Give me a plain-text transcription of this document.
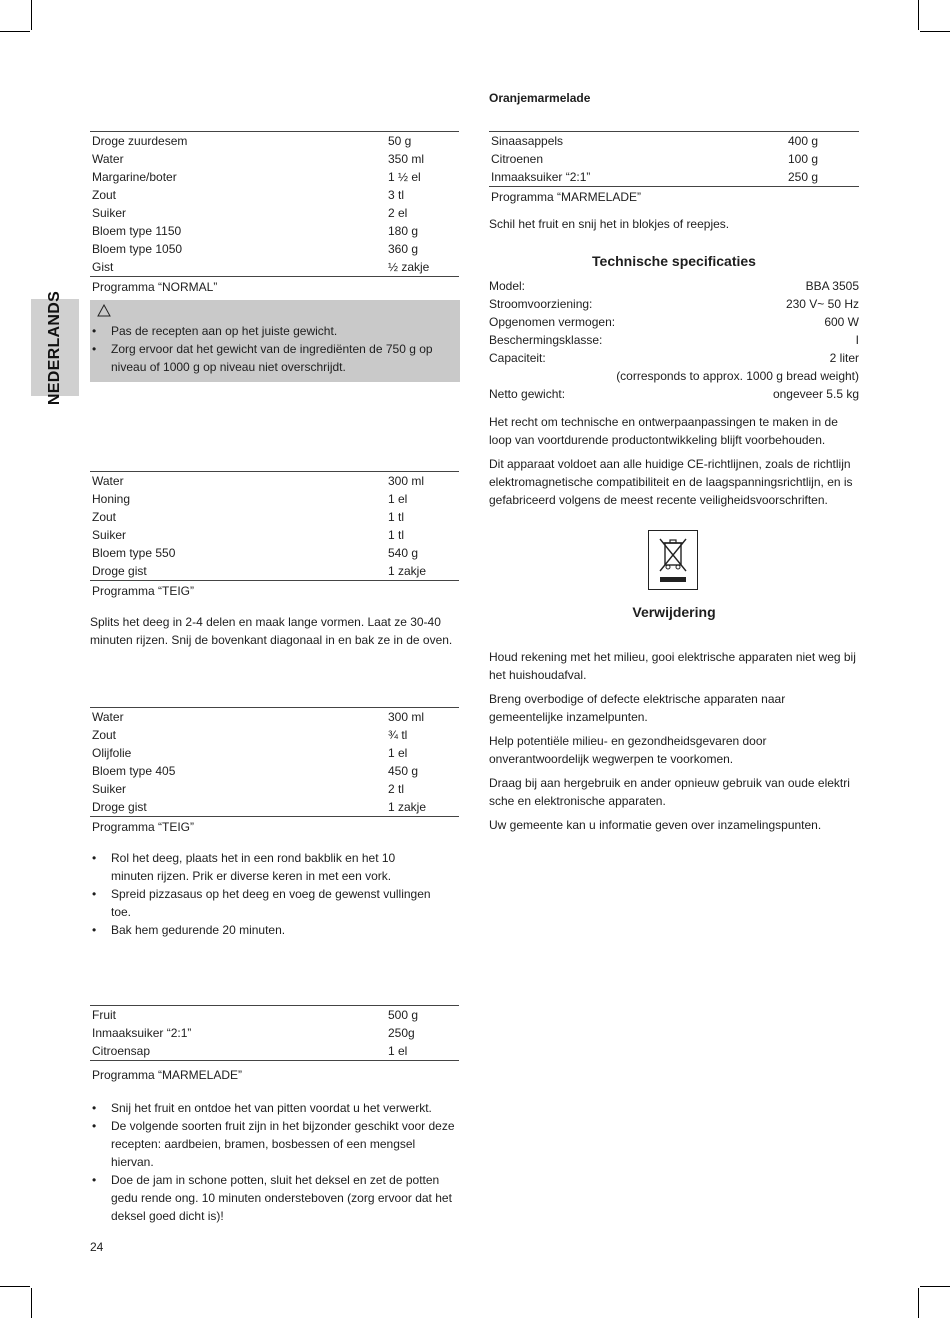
NEDERLANDS
Droge zuurdesem	50 g
Water	350 ml
Margarine/boter	1 ½ el
Zout	3 tl
Suiker	2 el
Bloem type 1150	180 g
Bloem type 1050	360 g
Gist	½ zakje
Programma “NORMAL”
• Pas de recepten aan op het juiste gewicht.
• Zorg ervoor dat het gewicht van de ingrediënten de 750 g op niveau of 1000 g op niveau niet overschrijdt.
Water	300 ml
Honing	1 el
Zout	1 tl
Suiker	1 tl
Bloem type 550	540 g
Droge gist	1 zakje
Programma “TEIG”

Splits het deeg in 2-4 delen en maak lange vormen. Laat ze 30-40 minuten rijzen. Snij de bovenkant diagonaal in en bak ze in de oven.

Water	300 ml
Zout	¾ tl
Olijfolie	1 el
Bloem type 405	450 g
Suiker	2 tl
Droge gist	1 zakje
Programma “TEIG”
• Rol het deeg, plaats het in een rond bakblik en het 10 minuten rijzen. Prik er diverse keren in met een vork.
• Spreid pizzasaus op het deeg en voeg de gewenst vullingen toe.
• Bak hem gedurende 20 minuten.
Fruit	500 g
Inmaaksuiker “2:1”	250g
Citroensap	1 el
Programma “MARMELADE”
• Snij het fruit en ontdoe het van pitten voordat u het verwerkt.
• De volgende soorten fruit zijn in het bijzonder geschikt voor deze recepten: aardbeien, bramen, bosbessen of een mengsel hiervan.
• Doe de jam in schone potten, sluit het deksel en zet de potten gedu rende ong. 10 minuten ondersteboven (zorg ervoor dat het deksel goed dicht is)!
Oranjemarmelade
Sinaasappels	400 g
Citroenen	100 g
Inmaaksuiker “2:1”	250 g
Programma “MARMELADE”

Schil het fruit en snij het in blokjes of reepjes.

Technische specificaties
Model:	BBA 3505
Stroomvoorziening:	230 V~ 50 Hz
Opgenomen vermogen:	600 W
Beschermingsklasse:	I
Capaciteit:	2 liter
(corresponds to approx. 1000 g bread weight)
Netto gewicht:	ongeveer 5.5 kg

Het recht om technische en ontwerpaanpassingen te maken in de loop van voortdurende productontwikkeling blijft voorbehouden.

Dit apparaat voldoet aan alle huidige CE-richtlijnen, zoals de richtlijn elektromagnetische compatibiliteit en de laagspanningsrichtlijn, en is gefabriceerd volgens de meest recente veiligheidsvoorschriften.

Verwijdering

Houd rekening met het milieu, gooi elektrische apparaten niet weg bij het huishoudafval.

Breng overbodige of defecte elektrische apparaten naar gemeentelijke inzamelpunten.

Help potentiële milieu- en gezondheidsgevaren door onverantwoordelijk wegwerpen te voorkomen.

Draag bij aan hergebruik en ander opnieuw gebruik van oude elektri sche en elektronische apparaten.

Uw gemeente kan u informatie geven over inzamelingspunten.

24
